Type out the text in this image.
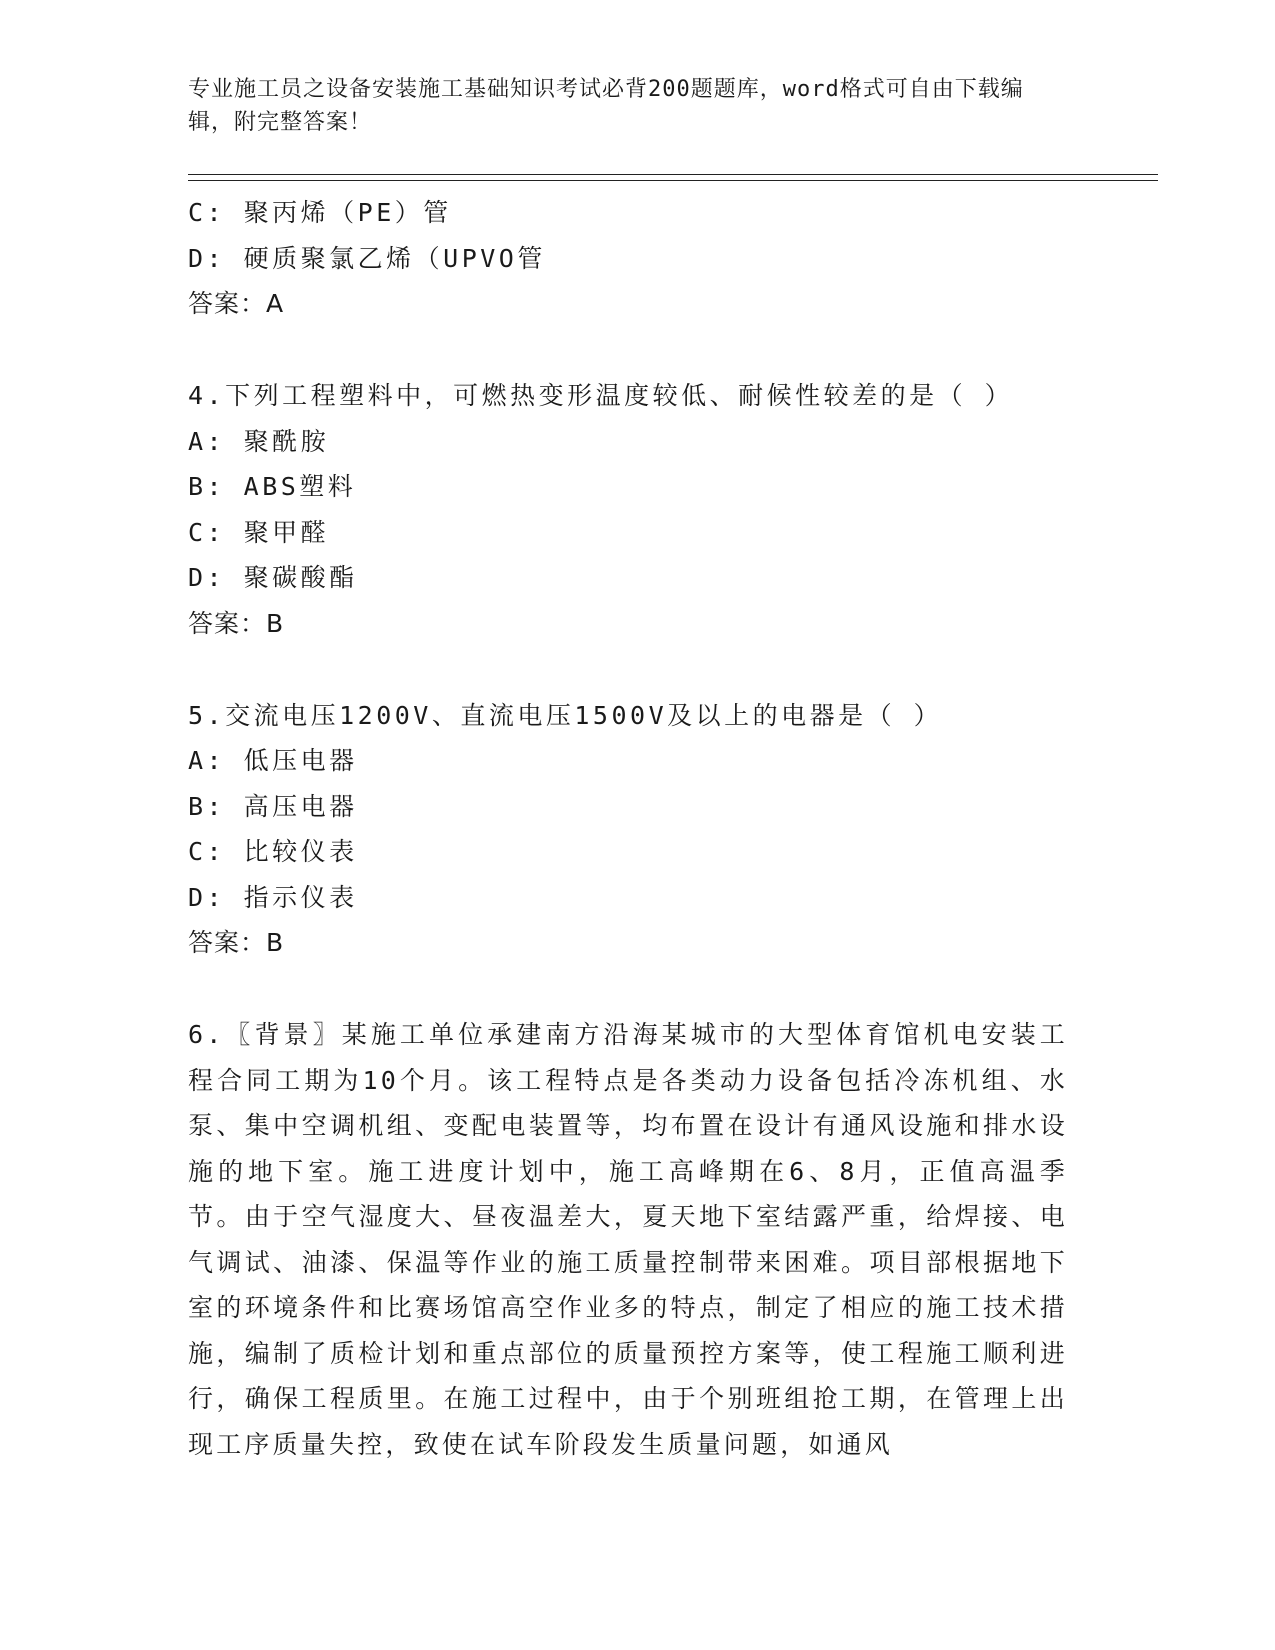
专业施工员之设备安装施工基础知识考试必背200题题库，word格式可自由下载编辑，附完整答案！
C: 聚丙烯（PE）管
D: 硬质聚氯乙烯（UPVO管
答案：A
4.下列工程塑料中，可燃热变形温度较低、耐候性较差的是（ ）
A: 聚酰胺
B: ABS塑料
C: 聚甲醛
D: 聚碳酸酯
答案：B
5.交流电压1200V、直流电压1500V及以上的电器是（ ）
A: 低压电器
B: 高压电器
C: 比较仪表
D: 指示仪表
答案：B
6.〖背景〗某施工单位承建南方沿海某城市的大型体育馆机电安装工程合同工期为10个月。该工程特点是各类动力设备包括冷冻机组、水泵、集中空调机组、变配电装置等，均布置在设计有通风设施和排水设施的地下室。施工进度计划中，施工高峰期在6、8月，正值高温季节。由于空气湿度大、昼夜温差大，夏天地下室结露严重，给焊接、电气调试、油漆、保温等作业的施工质量控制带来困难。项目部根据地下室的环境条件和比赛场馆高空作业多的特点，制定了相应的施工技术措施，编制了质检计划和重点部位的质量预控方案等，使工程施工顺利进行，确保工程质里。在施工过程中，由于个别班组抢工期，在管理上出现工序质量失控，致使在试车阶段发生质量问题，如通风
